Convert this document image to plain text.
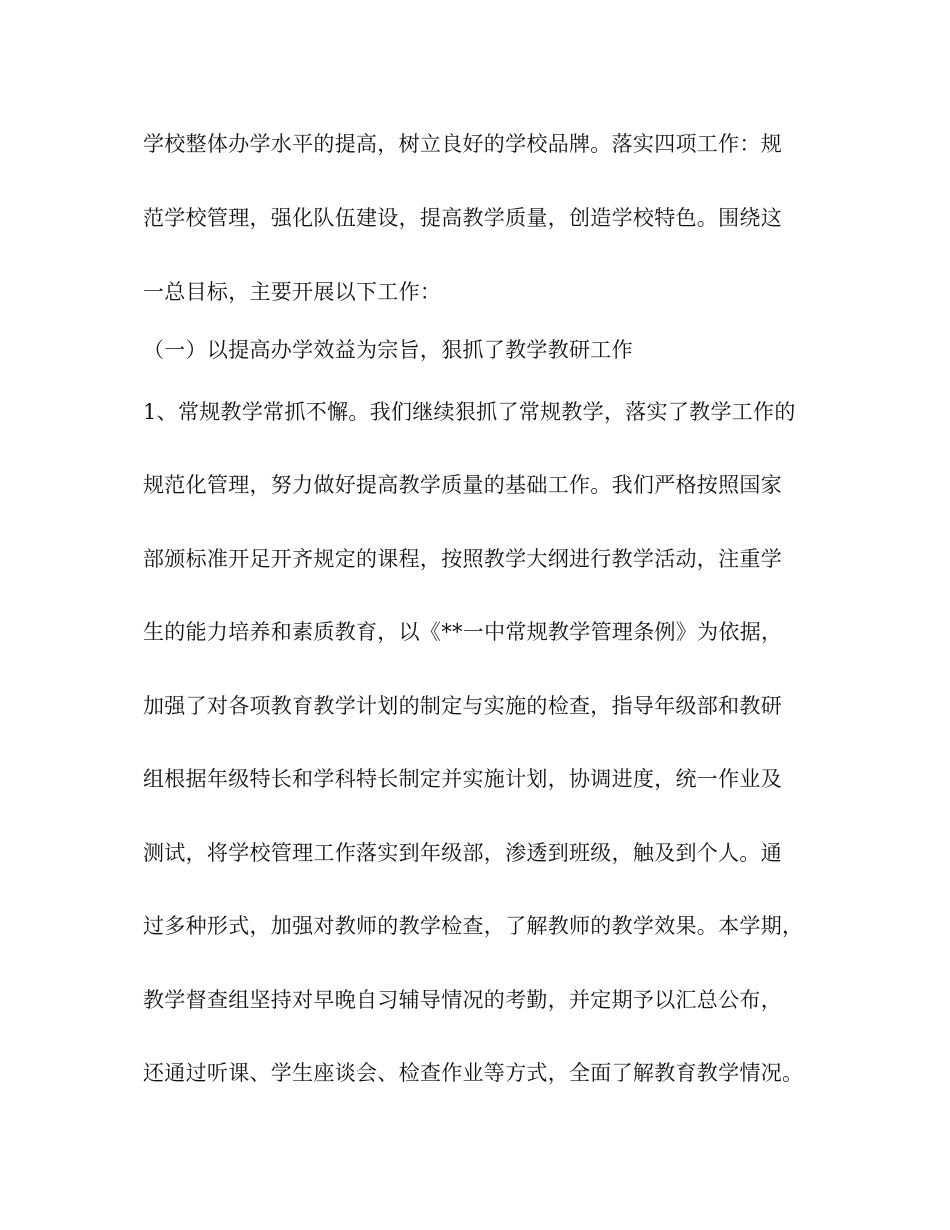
学校整体办学水平的提高，树立良好的学校品牌。落实四项工作：规
范学校管理，强化队伍建设，提高教学质量，创造学校特色。围绕这
一总目标，主要开展以下工作：
（一）以提高办学效益为宗旨，狠抓了教学教研工作
1、常规教学常抓不懈。我们继续狠抓了常规教学，落实了教学工作的
规范化管理，努力做好提高教学质量的基础工作。我们严格按照国家
部颁标准开足开齐规定的课程，按照教学大纲进行教学活动，注重学
生的能力培养和素质教育，以《**一中常规教学管理条例》为依据，
加强了对各项教育教学计划的制定与实施的检查，指导年级部和教研
组根据年级特长和学科特长制定并实施计划，协调进度，统一作业及
测试，将学校管理工作落实到年级部，渗透到班级，触及到个人。通
过多种形式，加强对教师的教学检查，了解教师的教学效果。本学期，
教学督查组坚持对早晚自习辅导情况的考勤，并定期予以汇总公布，
还通过听课、学生座谈会、检查作业等方式，全面了解教育教学情况。
